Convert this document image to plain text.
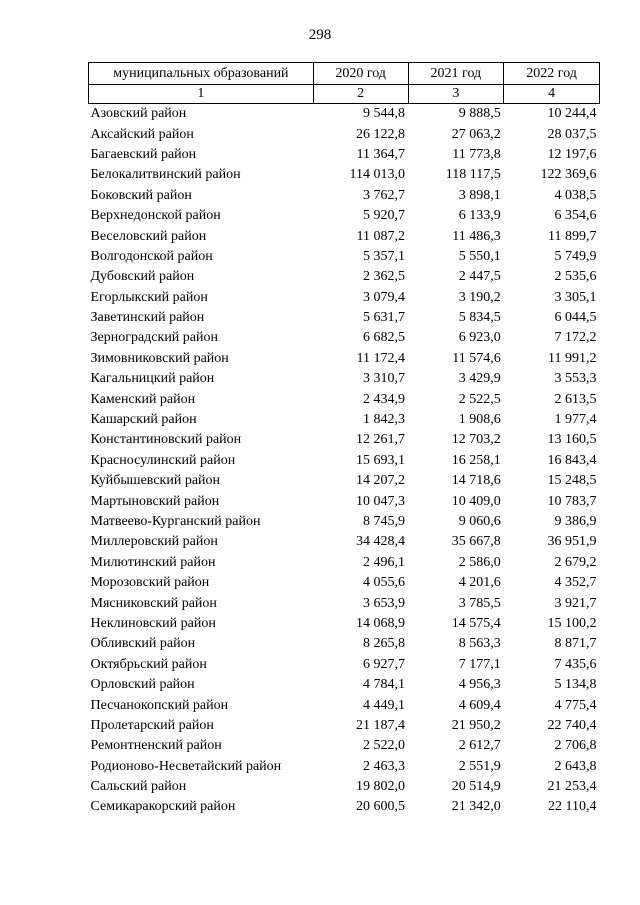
298
муниципальных образований	2020 год	2021 год	2022 год
1	2	3	4
Азовский район	9 544,8	9 888,5	10 244,4
Аксайский район	26 122,8	27 063,2	28 037,5
Багаевский район	11 364,7	11 773,8	12 197,6
Белокалитвинский район	114 013,0	118 117,5	122 369,6
Боковский район	3 762,7	3 898,1	4 038,5
Верхнедонской район	5 920,7	6 133,9	6 354,6
Веселовский район	11 087,2	11 486,3	11 899,7
Волгодонской район	5 357,1	5 550,1	5 749,9
Дубовский район	2 362,5	2 447,5	2 535,6
Егорлыкский район	3 079,4	3 190,2	3 305,1
Заветинский район	5 631,7	5 834,5	6 044,5
Зерноградский район	6 682,5	6 923,0	7 172,2
Зимовниковский район	11 172,4	11 574,6	11 991,2
Кагальницкий район	3 310,7	3 429,9	3 553,3
Каменский район	2 434,9	2 522,5	2 613,5
Кашарский район	1 842,3	1 908,6	1 977,4
Константиновский район	12 261,7	12 703,2	13 160,5
Красносулинский район	15 693,1	16 258,1	16 843,4
Куйбышевский район	14 207,2	14 718,6	15 248,5
Мартыновский район	10 047,3	10 409,0	10 783,7
Матвеево-Курганский район	8 745,9	9 060,6	9 386,9
Миллеровский район	34 428,4	35 667,8	36 951,9
Милютинский район	2 496,1	2 586,0	2 679,2
Морозовский район	4 055,6	4 201,6	4 352,7
Мясниковский район	3 653,9	3 785,5	3 921,7
Неклиновский район	14 068,9	14 575,4	15 100,2
Обливский район	8 265,8	8 563,3	8 871,7
Октябрьский район	6 927,7	7 177,1	7 435,6
Орловский район	4 784,1	4 956,3	5 134,8
Песчанокопский район	4 449,1	4 609,4	4 775,4
Пролетарский район	21 187,4	21 950,2	22 740,4
Ремонтненский район	2 522,0	2 612,7	2 706,8
Родионово-Несветайский район	2 463,3	2 551,9	2 643,8
Сальский район	19 802,0	20 514,9	21 253,4
Семикаракорский район	20 600,5	21 342,0	22 110,4
